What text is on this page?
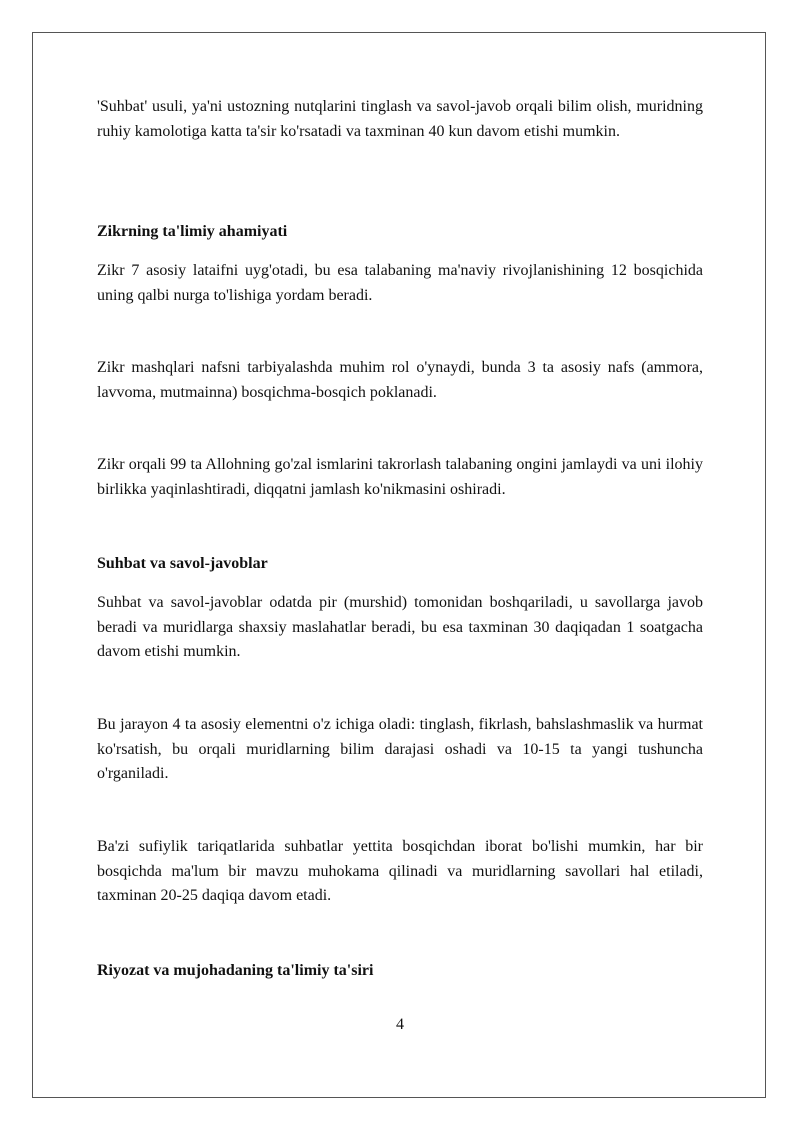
'Suhbat' usuli, ya'ni ustozning nutqlarini tinglash va savol-javob orqali bilim olish, muridning ruhiy kamolotiga katta ta'sir ko'rsatadi va taxminan 40 kun davom etishi mumkin.

Zikrning ta'limiy ahamiyati

Zikr 7 asosiy lataifni uyg'otadi, bu esa talabaning ma'naviy rivojlanishining 12 bosqichida uning qalbi nurga to'lishiga yordam beradi.

Zikr mashqlari nafsni tarbiyalashda muhim rol o'ynaydi, bunda 3 ta asosiy nafs (ammora, lavvoma, mutmainna) bosqichma-bosqich poklanadi.

Zikr orqali 99 ta Allohning go'zal ismlarini takrorlash talabaning ongini jamlaydi va uni ilohiy birlikka yaqinlashtiradi, diqqatni jamlash ko'nikmasini oshiradi.

Suhbat va savol-javoblar

Suhbat va savol-javoblar odatda pir (murshid) tomonidan boshqariladi, u savollarga javob beradi va muridlarga shaxsiy maslahatlar beradi, bu esa taxminan 30 daqiqadan 1 soatgacha davom etishi mumkin.

Bu jarayon 4 ta asosiy elementni o'z ichiga oladi: tinglash, fikrlash, bahslashmaslik va hurmat ko'rsatish, bu orqali muridlarning bilim darajasi oshadi va 10-15 ta yangi tushuncha o'rganiladi.

Ba'zi sufiylik tariqatlarida suhbatlar yettita bosqichdan iborat bo'lishi mumkin, har bir bosqichda ma'lum bir mavzu muhokama qilinadi va muridlarning savollari hal etiladi, taxminan 20-25 daqiqa davom etadi.

Riyozat va mujohadaning ta'limiy ta'siri
4
